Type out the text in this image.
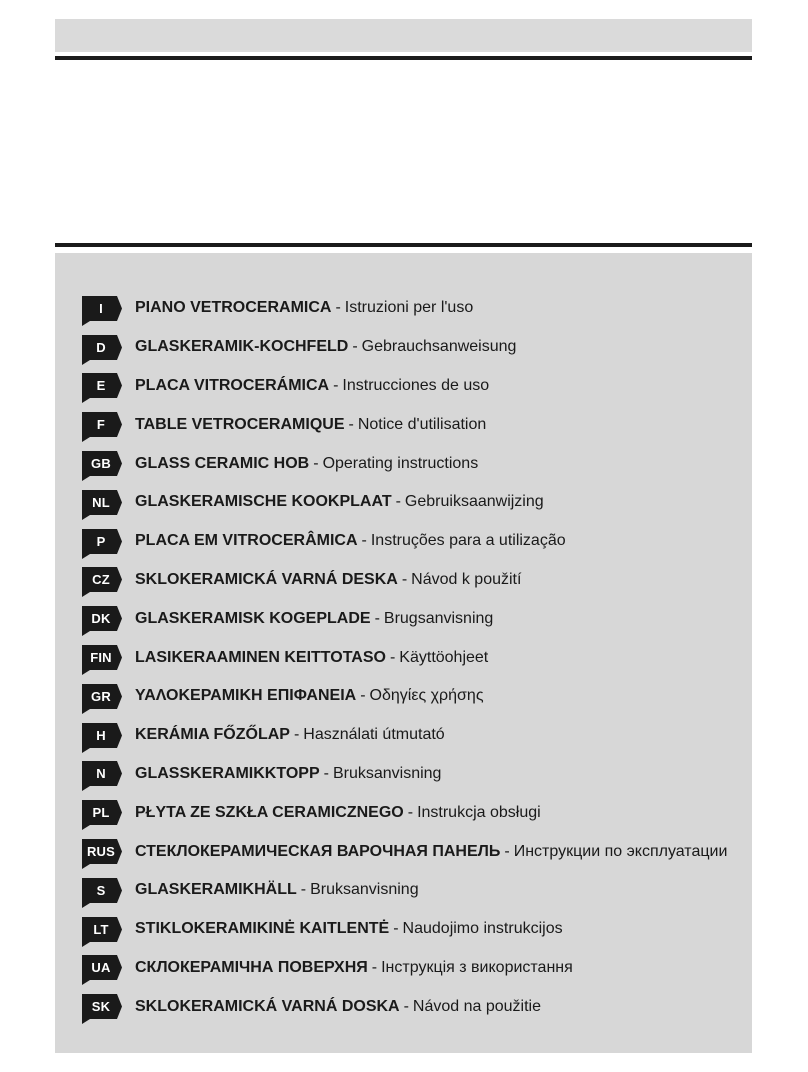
I	PIANO VETROCERAMICA - Istruzioni per l'uso
D	GLASKERAMIK-KOCHFELD - Gebrauchsanweisung
E	PLACA VITROCERÁMICA - Instrucciones de uso
F	TABLE VETROCERAMIQUE - Notice d'utilisation
GB	GLASS CERAMIC HOB - Operating instructions
NL	GLASKERAMISCHE KOOKPLAAT - Gebruiksaanwijzing
P	PLACA EM VITROCERÂMICA - Instruções para a utilização
CZ	SKLOKERAMICKÁ VARNÁ DESKA - Návod k použití
DK	GLASKERAMISK KOGEPLADE - Brugsanvisning
FIN	LASIKERAAMINEN KEITTOTASO - Käyttöohjeet
GR	ΥΑΛΟΚΕΡΑΜΙΚΗ ΕΠΙΦΑΝΕΙΑ - Οδηγίες χρήσης
H	KERÁMIA FŐZŐLAP - Használati útmutató
N	GLASSKERAMIKKTOPP - Bruksanvisning
PL	PŁYTA ZE SZKŁA CERAMICZNEGO - Instrukcja obsługi
RUS	СТЕКЛОКЕРАМИЧЕСКАЯ ВАРОЧНАЯ ПАНЕЛЬ - Инструкции по эксплуатации
S	GLASKERAMIKHÄLL - Bruksanvisning
LT	STIKLOKERAMIKINĖ KAITLENTĖ - Naudojimo instrukcijos
UA	СКЛОКЕРАМІЧНА ПОВЕРХНЯ - Інструкція з використання
SK	SKLOKERAMICKÁ VARNÁ DOSKA - Návod na použitie
